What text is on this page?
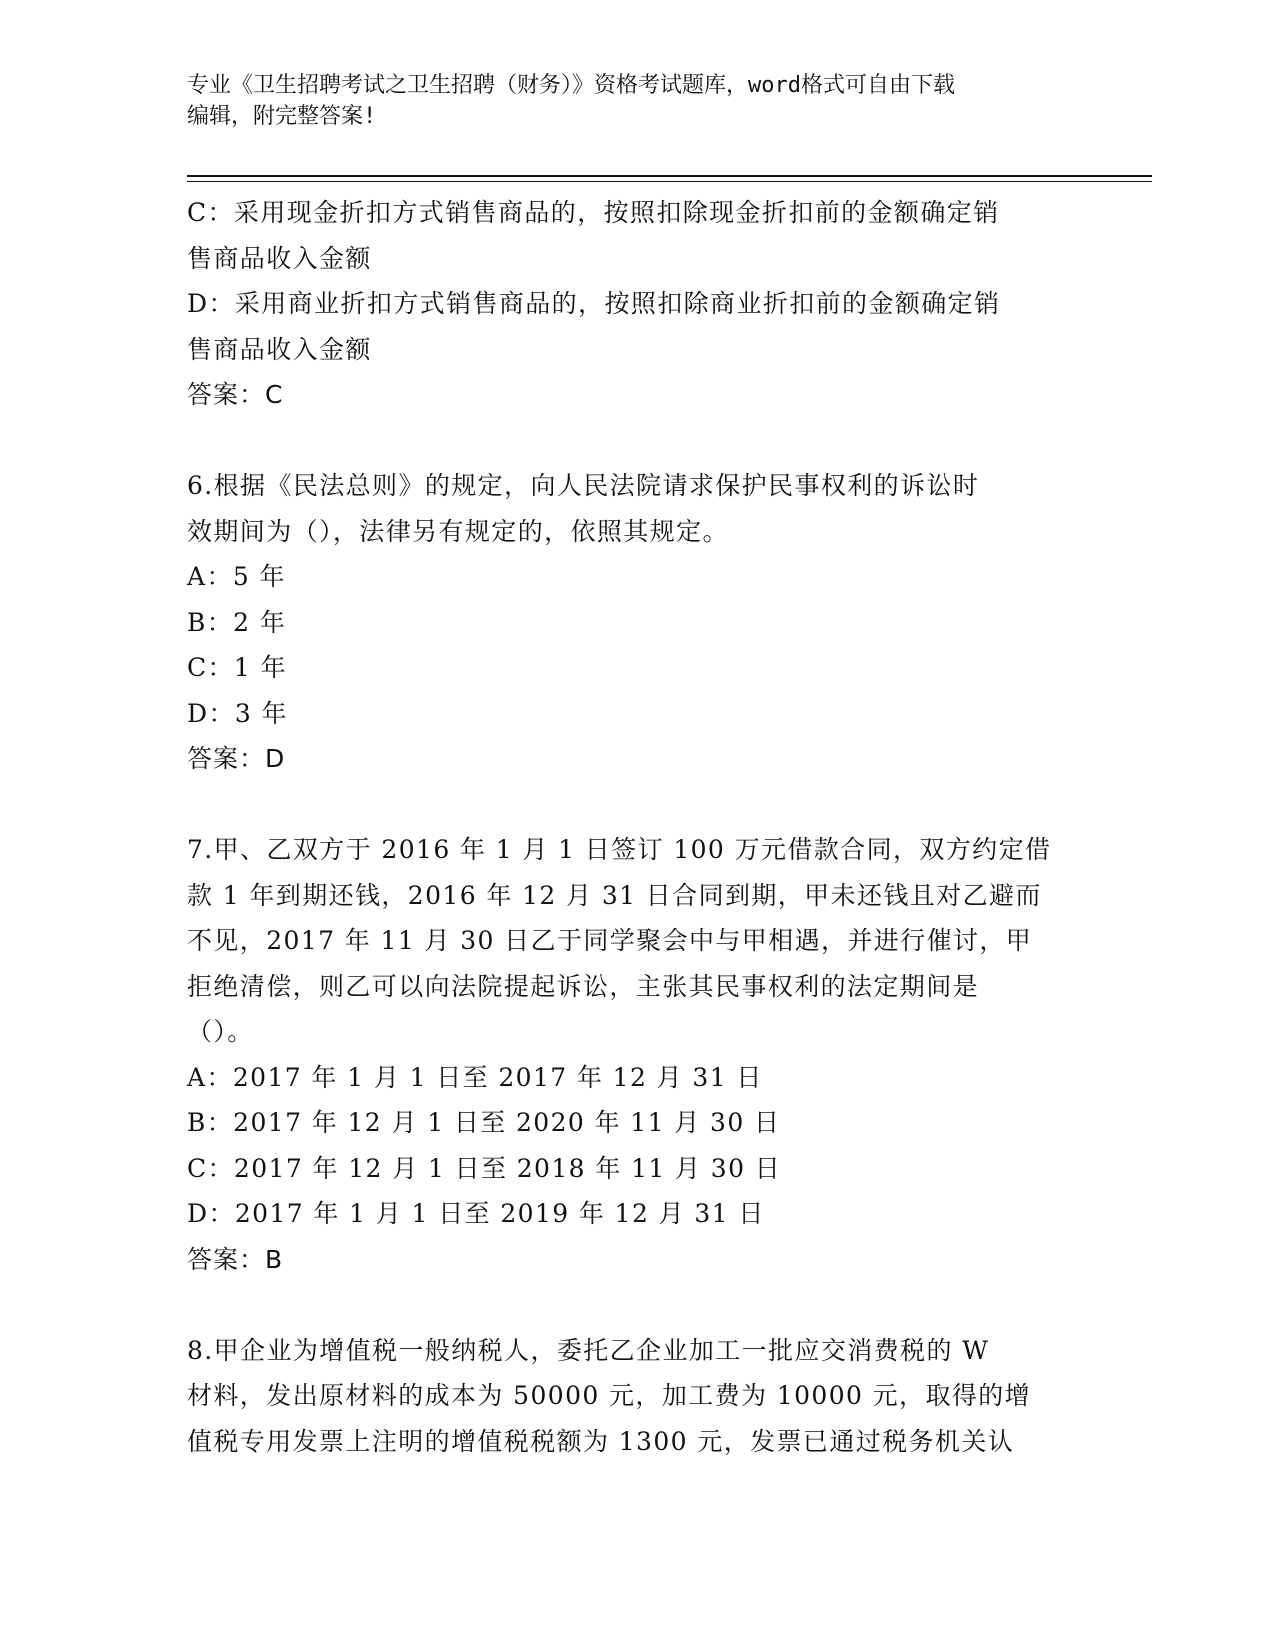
专业《卫生招聘考试之卫生招聘（财务）》资格考试题库，word格式可自由下载
编辑，附完整答案!
C：采用现金折扣方式销售商品的，按照扣除现金折扣前的金额确定销
售商品收入金额
D：采用商业折扣方式销售商品的，按照扣除商业折扣前的金额确定销
售商品收入金额
答案：C
6.根据《民法总则》的规定，向人民法院请求保护民事权利的诉讼时
效期间为（），法律另有规定的，依照其规定。
A：5 年
B：2 年
C：1 年
D：3 年
答案：D
7.甲、乙双方于 2016 年 1 月 1 日签订 100 万元借款合同，双方约定借
款 1 年到期还钱，2016 年 12 月 31 日合同到期，甲未还钱且对乙避而
不见，2017 年 11 月 30 日乙于同学聚会中与甲相遇，并进行催讨，甲
拒绝清偿，则乙可以向法院提起诉讼，主张其民事权利的法定期间是
（）。
A：2017 年 1 月 1 日至 2017 年 12 月 31 日
B：2017 年 12 月 1 日至 2020 年 11 月 30 日
C：2017 年 12 月 1 日至 2018 年 11 月 30 日
D：2017 年 1 月 1 日至 2019 年 12 月 31 日
答案：B
8.甲企业为增值税一般纳税人，委托乙企业加工一批应交消费税的 W
材料，发出原材料的成本为 50000 元，加工费为 10000 元，取得的增
值税专用发票上注明的增值税税额为 1300 元，发票已通过税务机关认
